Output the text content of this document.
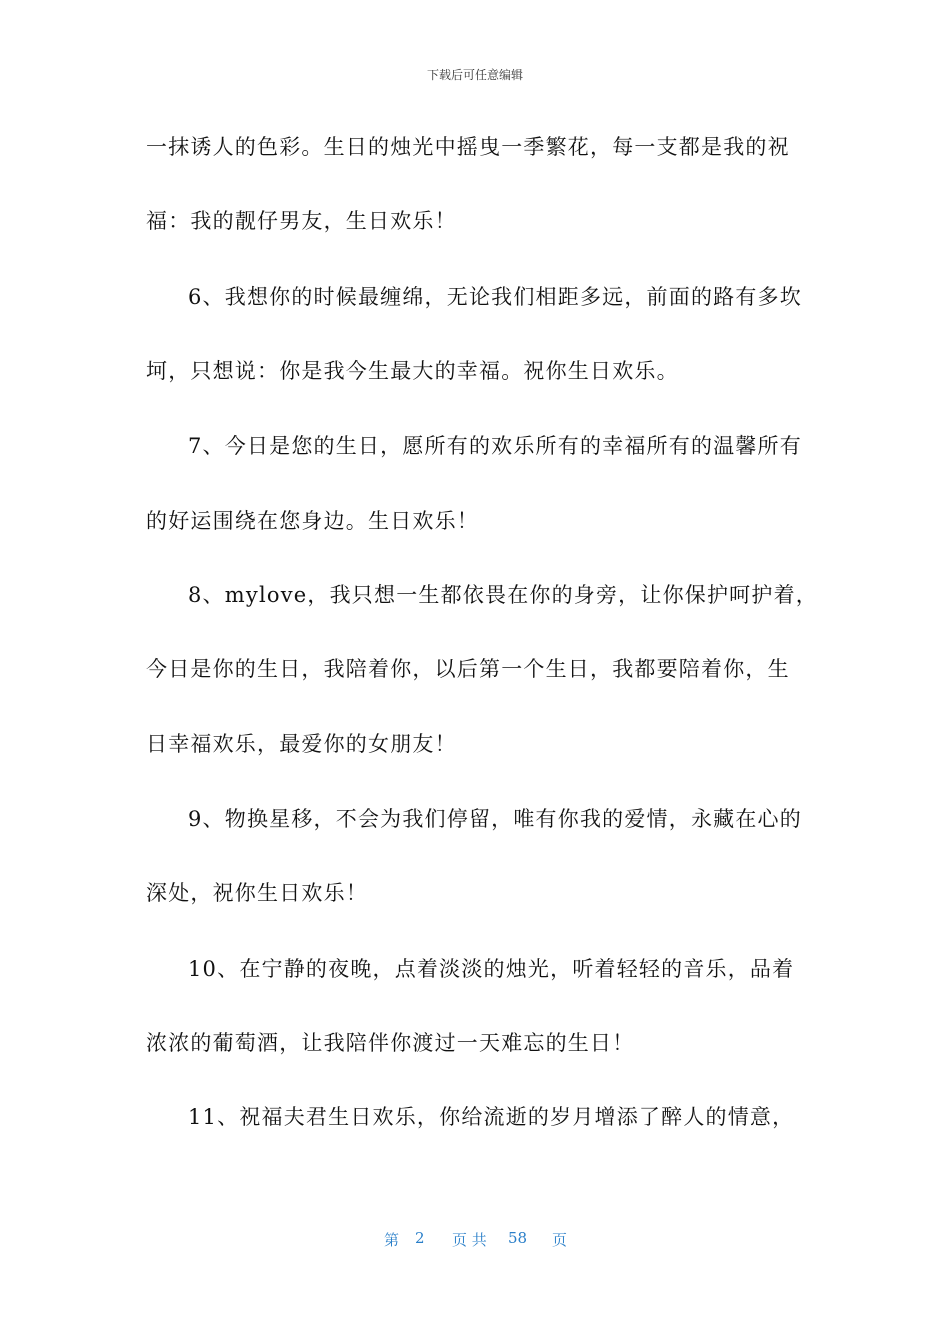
下载后可任意编辑
一抹诱人的色彩。生日的烛光中摇曳一季繁花，每一支都是我的祝
福：我的靓仔男友，生日欢乐！
6、我想你的时候最缠绵，无论我们相距多远，前面的路有多坎
坷，只想说：你是我今生最大的幸福。祝你生日欢乐。
7、今日是您的生日，愿所有的欢乐所有的幸福所有的温馨所有
的好运围绕在您身边。生日欢乐！
8、mylove，我只想一生都依畏在你的身旁，让你保护呵护着，
今日是你的生日，我陪着你，以后第一个生日，我都要陪着你，生
日幸福欢乐，最爱你的女朋友！
9、物换星移，不会为我们停留，唯有你我的爱情，永藏在心的
深处，祝你生日欢乐！
10、在宁静的夜晚，点着淡淡的烛光，听着轻轻的音乐，品着
浓浓的葡萄酒，让我陪伴你渡过一天难忘的生日！
11、祝福夫君生日欢乐，你给流逝的岁月增添了醉人的情意，
第 2 页 共 58 页
